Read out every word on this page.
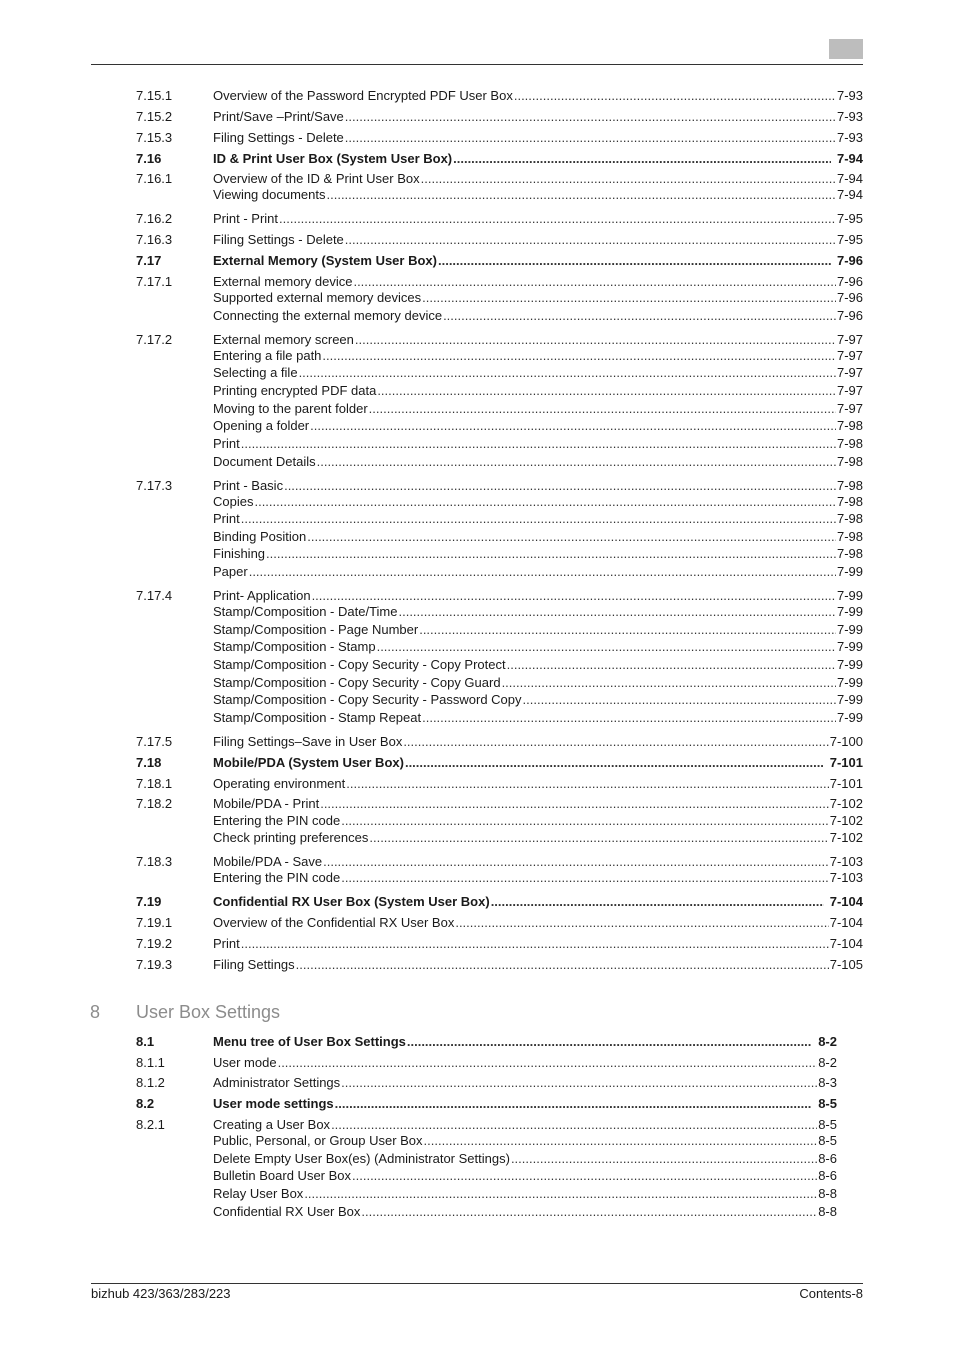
7.15.1	Overview of the Password Encrypted PDF User Box .....	7-93
7.15.2	Print/Save –Print/Save .....	7-93
7.15.3	Filing Settings - Delete .....	7-93
7.16	ID & Print User Box (System User Box) .....	7-94
7.16.1	Overview of the ID & Print User Box .....	7-94
Viewing documents .....	7-94
7.16.2	Print - Print .....	7-95
7.16.3	Filing Settings - Delete .....	7-95
7.17	External Memory (System User Box) .....	7-96
7.17.1	External memory device .....	7-96
Supported external memory devices .....	7-96
Connecting the external memory device .....	7-96
7.17.2	External memory screen .....	7-97
Entering a file path .....	7-97
Selecting a file .....	7-97
Printing encrypted PDF data .....	7-97
Moving to the parent folder .....	7-97
Opening a folder .....	7-98
Print .....	7-98
Document Details .....	7-98
7.17.3	Print - Basic .....	7-98
Copies .....	7-98
Print .....	7-98
Binding Position .....	7-98
Finishing .....	7-98
Paper .....	7-99
7.17.4	Print- Application .....	7-99
Stamp/Composition - Date/Time .....	7-99
Stamp/Composition - Page Number .....	7-99
Stamp/Composition - Stamp .....	7-99
Stamp/Composition - Copy Security - Copy Protect .....	7-99
Stamp/Composition - Copy Security - Copy Guard .....	7-99
Stamp/Composition - Copy Security - Password Copy .....	7-99
Stamp/Composition - Stamp Repeat .....	7-99
7.17.5	Filing Settings–Save in User Box .....	7-100
7.18	Mobile/PDA (System User Box) .....	7-101
7.18.1	Operating environment .....	7-101
7.18.2	Mobile/PDA - Print .....	7-102
Entering the PIN code .....	7-102
Check printing preferences .....	7-102
7.18.3	Mobile/PDA - Save .....	7-103
Entering the PIN code .....	7-103
7.19	Confidential RX User Box (System User Box) .....	7-104
7.19.1	Overview of the Confidential RX User Box .....	7-104
7.19.2	Print .....	7-104
7.19.3	Filing Settings .....	7-105
8.1	Menu tree of User Box Settings .....	8-2
8.1.1	User mode .....	8-2
8.1.2	Administrator Settings .....	8-3
8.2	User mode settings .....	8-5
8.2.1	Creating a User Box .....	8-5
Public, Personal, or Group User Box .....	8-5
Delete Empty User Box(es) (Administrator Settings) .....	8-6
Bulletin Board User Box .....	8-6
Relay User Box .....	8-8
Confidential RX User Box .....	8-8
8 User Box Settings
bizhub 423/363/283/223	Contents-8
